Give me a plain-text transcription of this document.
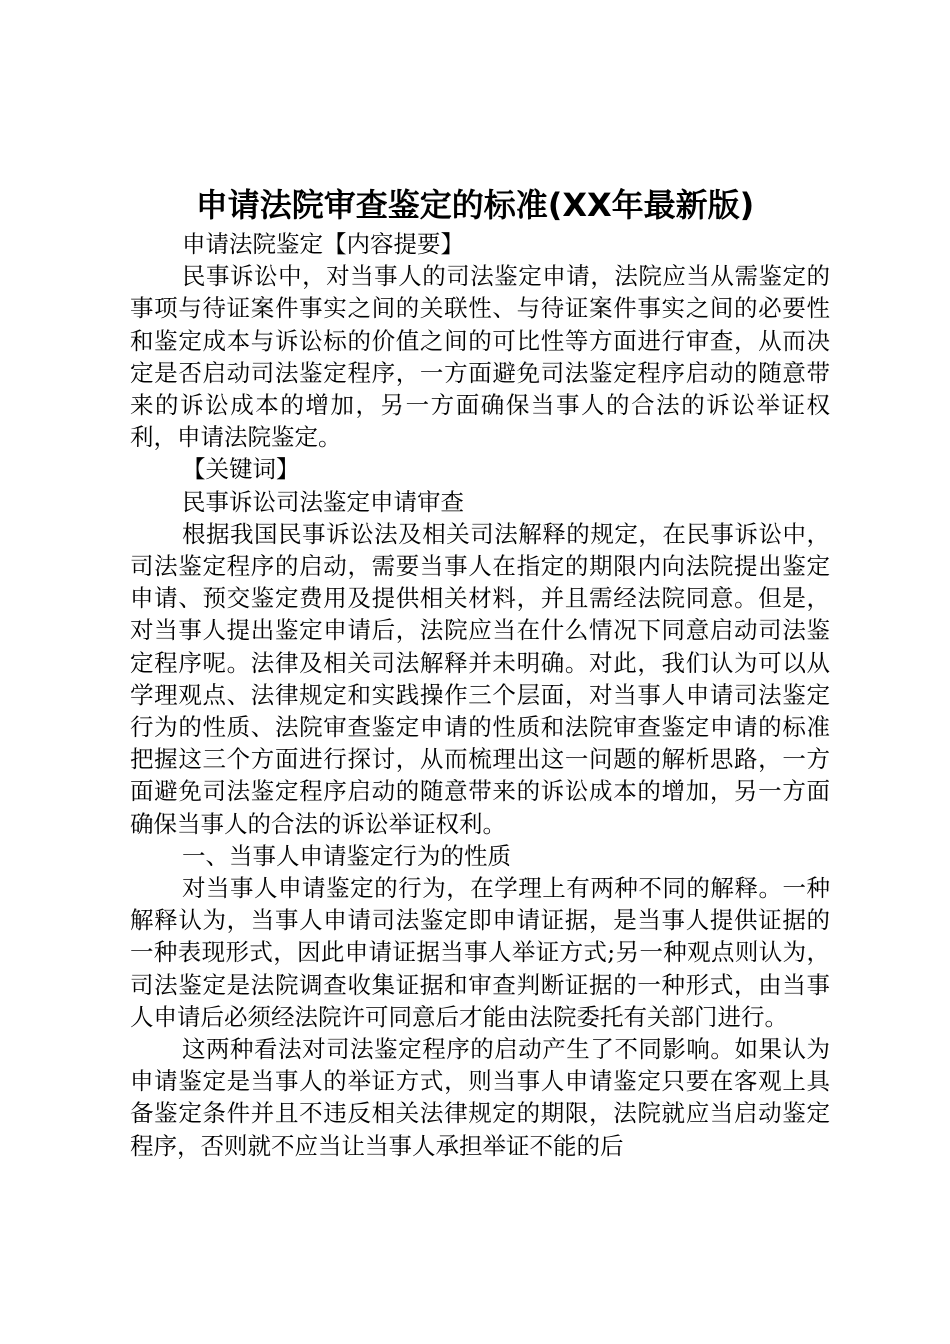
申请法院审查鉴定的标准(XX年最新版)

申请法院鉴定【内容提要】

民事诉讼中，对当事人的司法鉴定申请，法院应当从需鉴定的事项与待证案件事实之间的关联性、与待证案件事实之间的必要性和鉴定成本与诉讼标的价值之间的可比性等方面进行审查，从而决定是否启动司法鉴定程序，一方面避免司法鉴定程序启动的随意带来的诉讼成本的增加，另一方面确保当事人的合法的诉讼举证权利，申请法院鉴定。

【关键词】

民事诉讼司法鉴定申请审查

根据我国民事诉讼法及相关司法解释的规定，在民事诉讼中，司法鉴定程序的启动，需要当事人在指定的期限内向法院提出鉴定申请、预交鉴定费用及提供相关材料，并且需经法院同意。但是，对当事人提出鉴定申请后，法院应当在什么情况下同意启动司法鉴定程序呢。法律及相关司法解释并未明确。对此，我们认为可以从学理观点、法律规定和实践操作三个层面，对当事人申请司法鉴定行为的性质、法院审查鉴定申请的性质和法院审查鉴定申请的标准把握这三个方面进行探讨，从而梳理出这一问题的解析思路，一方面避免司法鉴定程序启动的随意带来的诉讼成本的增加，另一方面确保当事人的合法的诉讼举证权利。

一、当事人申请鉴定行为的性质

对当事人申请鉴定的行为，在学理上有两种不同的解释。一种解释认为，当事人申请司法鉴定即申请证据，是当事人提供证据的一种表现形式，因此申请证据当事人举证方式;另一种观点则认为，司法鉴定是法院调查收集证据和审查判断证据的一种形式，由当事人申请后必须经法院许可同意后才能由法院委托有关部门进行。

这两种看法对司法鉴定程序的启动产生了不同影响。如果认为申请鉴定是当事人的举证方式，则当事人申请鉴定只要在客观上具备鉴定条件并且不违反相关法律规定的期限，法院就应当启动鉴定程序，否则就不应当让当事人承担举证不能的后
